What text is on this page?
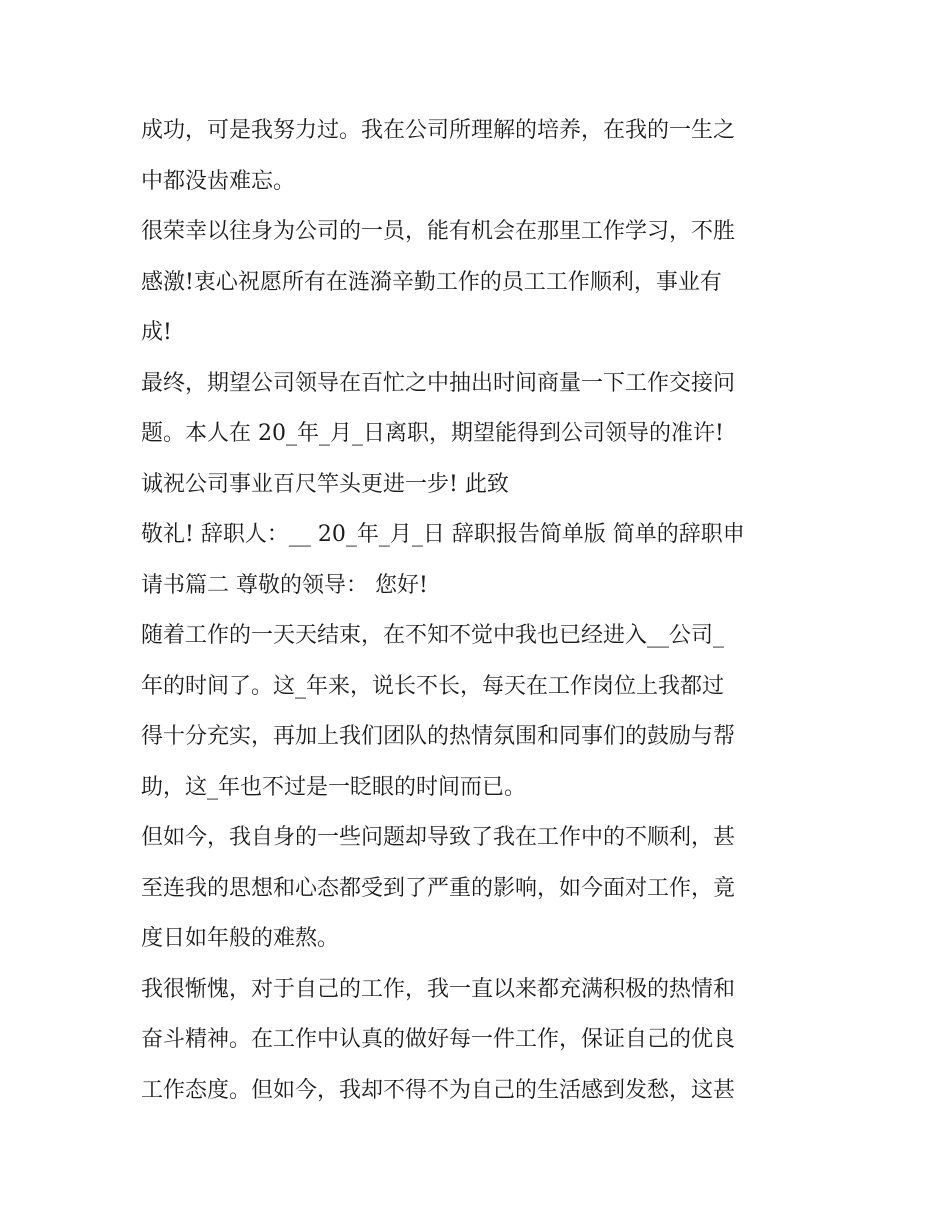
成功，可是我努力过。我在公司所理解的培养，在我的一生之
中都没齿难忘。
很荣幸以往身为公司的一员，能有机会在那里工作学习，不胜
感激!衷心祝愿所有在涟漪辛勤工作的员工工作顺利，事业有
成!
最终，期望公司领导在百忙之中抽出时间商量一下工作交接问
题。本人在 20_年_月_日离职，期望能得到公司领导的准许!
诚祝公司事业百尺竿头更进一步! 此致
敬礼! 辞职人：__ 20_年_月_日 辞职报告简单版 简单的辞职申
请书篇二 尊敬的领导： 您好!
随着工作的一天天结束，在不知不觉中我也已经进入__公司_
年的时间了。这_年来，说长不长，每天在工作岗位上我都过
得十分充实，再加上我们团队的热情氛围和同事们的鼓励与帮
助，这_年也不过是一眨眼的时间而已。
但如今，我自身的一些问题却导致了我在工作中的不顺利，甚
至连我的思想和心态都受到了严重的影响，如今面对工作，竟
度日如年般的难熬。
我很惭愧，对于自己的工作，我一直以来都充满积极的热情和
奋斗精神。在工作中认真的做好每一件工作，保证自己的优良
工作态度。但如今，我却不得不为自己的生活感到发愁，这甚
